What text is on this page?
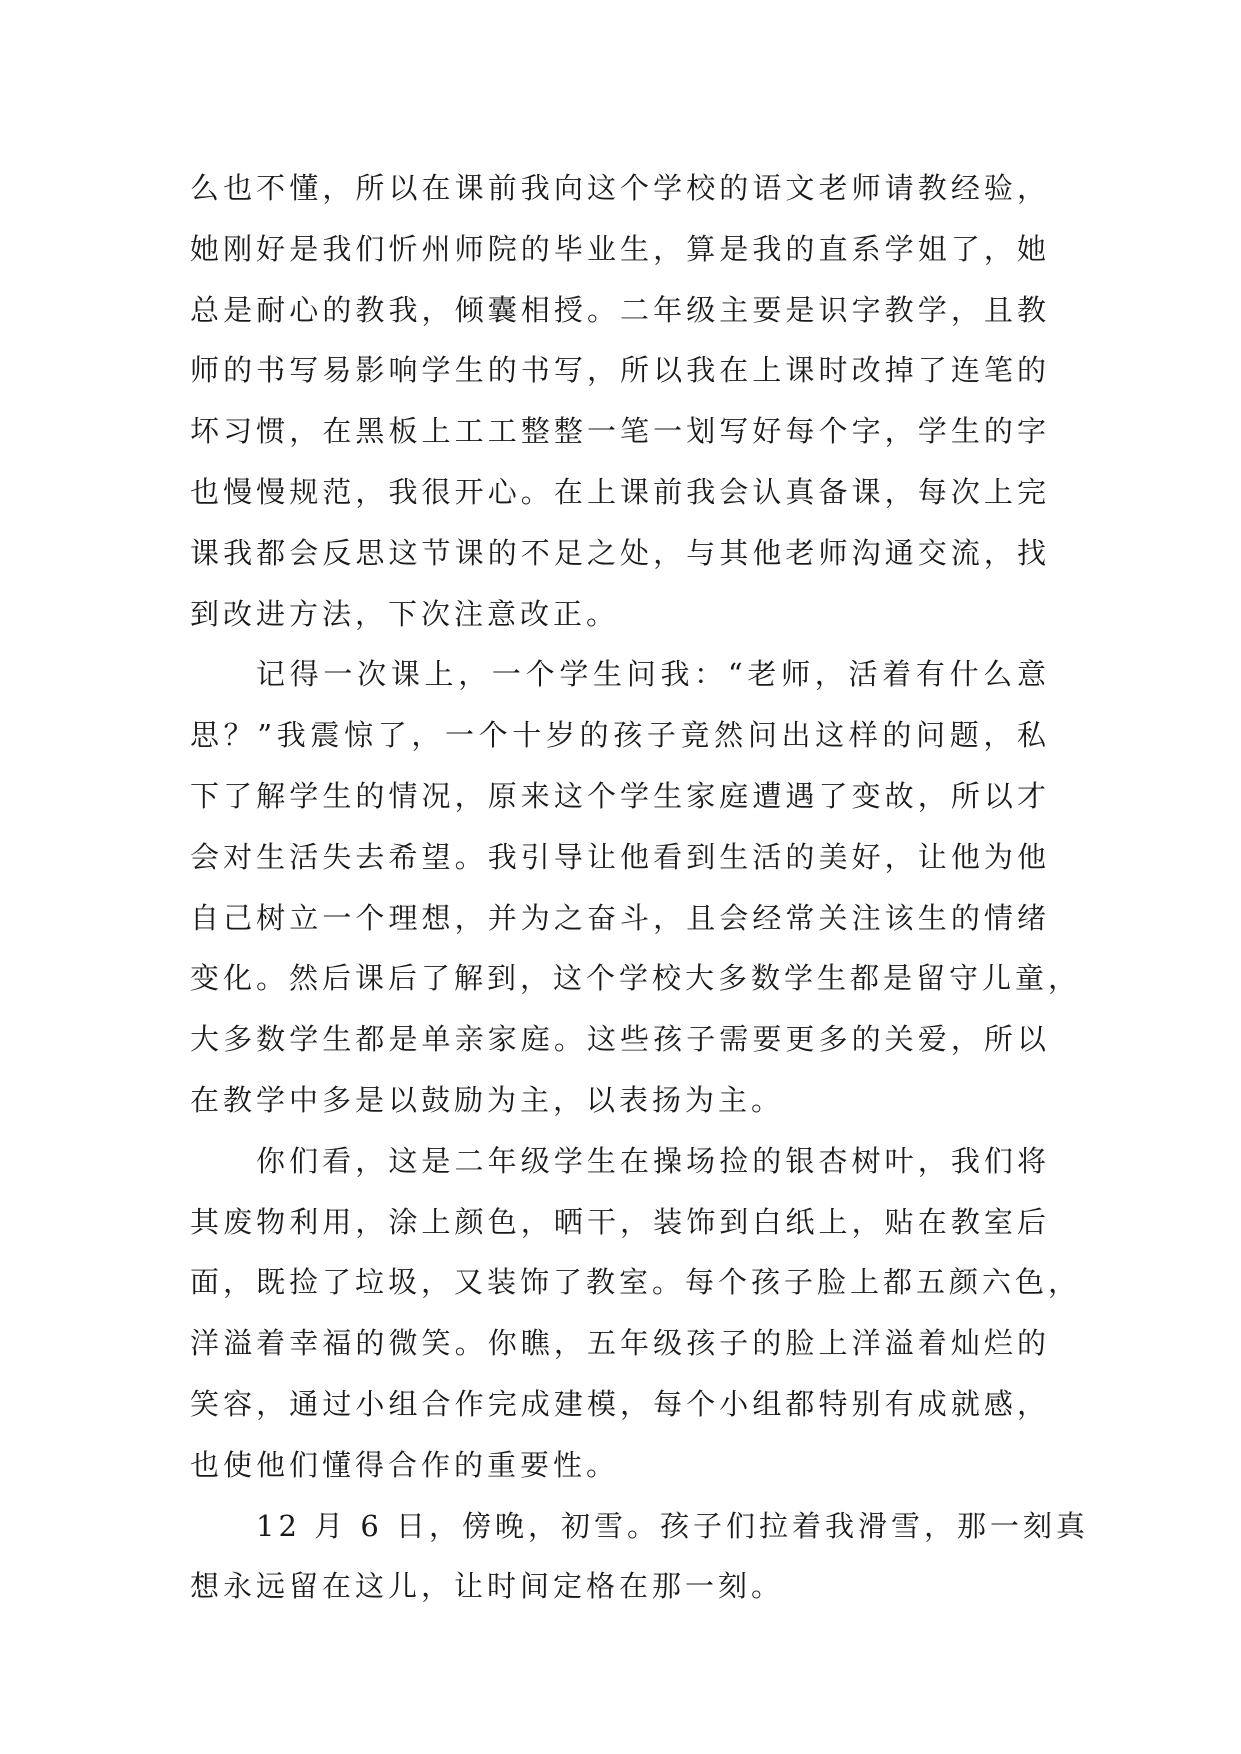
么也不懂，所以在课前我向这个学校的语文老师请教经验，
她刚好是我们忻州师院的毕业生，算是我的直系学姐了，她
总是耐心的教我，倾囊相授。二年级主要是识字教学，且教
师的书写易影响学生的书写，所以我在上课时改掉了连笔的
坏习惯，在黑板上工工整整一笔一划写好每个字，学生的字
也慢慢规范，我很开心。在上课前我会认真备课，每次上完
课我都会反思这节课的不足之处，与其他老师沟通交流，找
到改进方法，下次注意改正。
记得一次课上，一个学生问我：“老师，活着有什么意
思？”我震惊了，一个十岁的孩子竟然问出这样的问题，私
下了解学生的情况，原来这个学生家庭遭遇了变故，所以才
会对生活失去希望。我引导让他看到生活的美好，让他为他
自己树立一个理想，并为之奋斗，且会经常关注该生的情绪
变化。然后课后了解到，这个学校大多数学生都是留守儿童，
大多数学生都是单亲家庭。这些孩子需要更多的关爱，所以
在教学中多是以鼓励为主，以表扬为主。
你们看，这是二年级学生在操场捡的银杏树叶，我们将
其废物利用，涂上颜色，晒干，装饰到白纸上，贴在教室后
面，既捡了垃圾，又装饰了教室。每个孩子脸上都五颜六色，
洋溢着幸福的微笑。你瞧，五年级孩子的脸上洋溢着灿烂的
笑容，通过小组合作完成建模，每个小组都特别有成就感，
也使他们懂得合作的重要性。
12 月 6 日，傍晚，初雪。孩子们拉着我滑雪，那一刻真
想永远留在这儿，让时间定格在那一刻。
